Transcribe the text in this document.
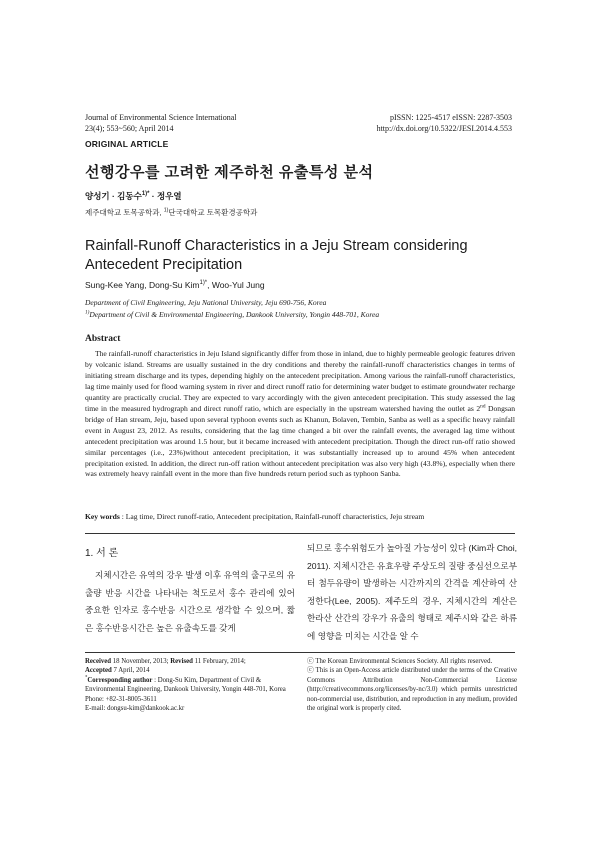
Journal of Environmental Science International
23(4); 553~560; April 2014
pISSN: 1225-4517 eISSN: 2287-3503
http://dx.doi.org/10.5322/JESI.2014.4.553
ORIGINAL ARTICLE
선행강우를 고려한 제주하천 유출특성 분석
양성기 · 김동수$^{1)*}$ · 정우열
제주대학교 토목공학과, $^{1)}$단국대학교 토목환경공학과
Rainfall-Runoff Characteristics in a Jeju Stream considering Antecedent Precipitation
Sung-Kee Yang, Dong-Su Kim$^{1)*}$, Woo-Yul Jung
Department of Civil Engineering, Jeju National University, Jeju 690-756, Korea
$^{1)}$Department of Civil & Environmental Engineering, Dankook University, Yongin 448-701, Korea
Abstract

The rainfall-runoff characteristics in Jeju Island significantly differ from those in inland, due to highly permeable geologic features driven by volcanic island. Streams are usually sustained in the dry conditions and thereby the rainfall-runoff characteristics changes in terms of initiating stream discharge and its types, depending highly on the antecedent precipitation. Among various the rainfall-runoff characteristics, lag time mainly used for flood warning system in river and direct runoff ratio for determining water budget to estimate groundwater recharge quantity are practically crucial. They are expected to vary accordingly with the given antecedent precipitation. This study assessed the lag time in the measured hydrograph and direct runoff ratio, which are especially in the upstream watershed having the outlet as 2nd Dongsan bridge of Han stream, Jeju, based upon several typhoon events such as Khanun, Bolaven, Tembin, Sanba as well as a specific heavy rainfall event in August 23, 2012. As results, considering that the lag time changed a bit over the rainfall events, the averaged lag time without antecedent precipitation was around 1.5 hour, but it became increased with antecedent precipitation. Though the direct run-off ratio showed similar percentages (i.e., 23%)without antecedent precipitation, it was substantially increased up to around 45% when antecedent precipitation existed. In addition, the direct run-off ration without antecedent precipitation was also very high (43.8%), especially when there was extremely heavy rainfall event in the more than five hundreds return period such as typhoon Sanba.

Key words : Lag time, Direct runoff-ratio, Antecedent precipitation, Rainfall-runoff characteristics, Jeju stream
1. 서 론

지체시간은 유역의 강우 발생 이후 유역의 출구로의 유출량 반응 시간을 나타내는 척도로서 홍수 관리에 있어 중요한 인자로 홍수반응 시간으로 생각할 수 있으며, 짧은 홍수반응시간은 높은 유출속도를 갖게

되므로 홍수위험도가 높아질 가능성이 있다 (Kim과 Choi, 2011). 지체시간은 유효우량 주상도의 질량 중심선으로부터 첨두유량이 발생하는 시간까지의 간격을 계산하여 산정한다(Lee, 2005). 제주도의 경우, 지체시간의 계산은 한라산 산간의 강우가 유출의 형태로 제주시와 같은 하류에 영향을 미치는 시간을 알 수

Received 18 November, 2013; Revised 11 February, 2014;

Accepted 7 April, 2014

*Corresponding author : Dong-Su Kim, Department of Civil & Environmental Engineering, Dankook University, Yongin 448-701, Korea

Phone: +82-31-8005-3611

E-mail: dongsu-kim@dankook.ac.kr

ⓒ The Korean Environmental Sciences Society. All rights reserved.

ⓒ This is an Open-Access article distributed under the terms of the Creative Commons Attribution Non-Commercial License (http://creativecommons.org/licenses/by-nc/3.0) which permits unrestricted non-commercial use, distribution, and reproduction in any medium, provided the original work is properly cited.
